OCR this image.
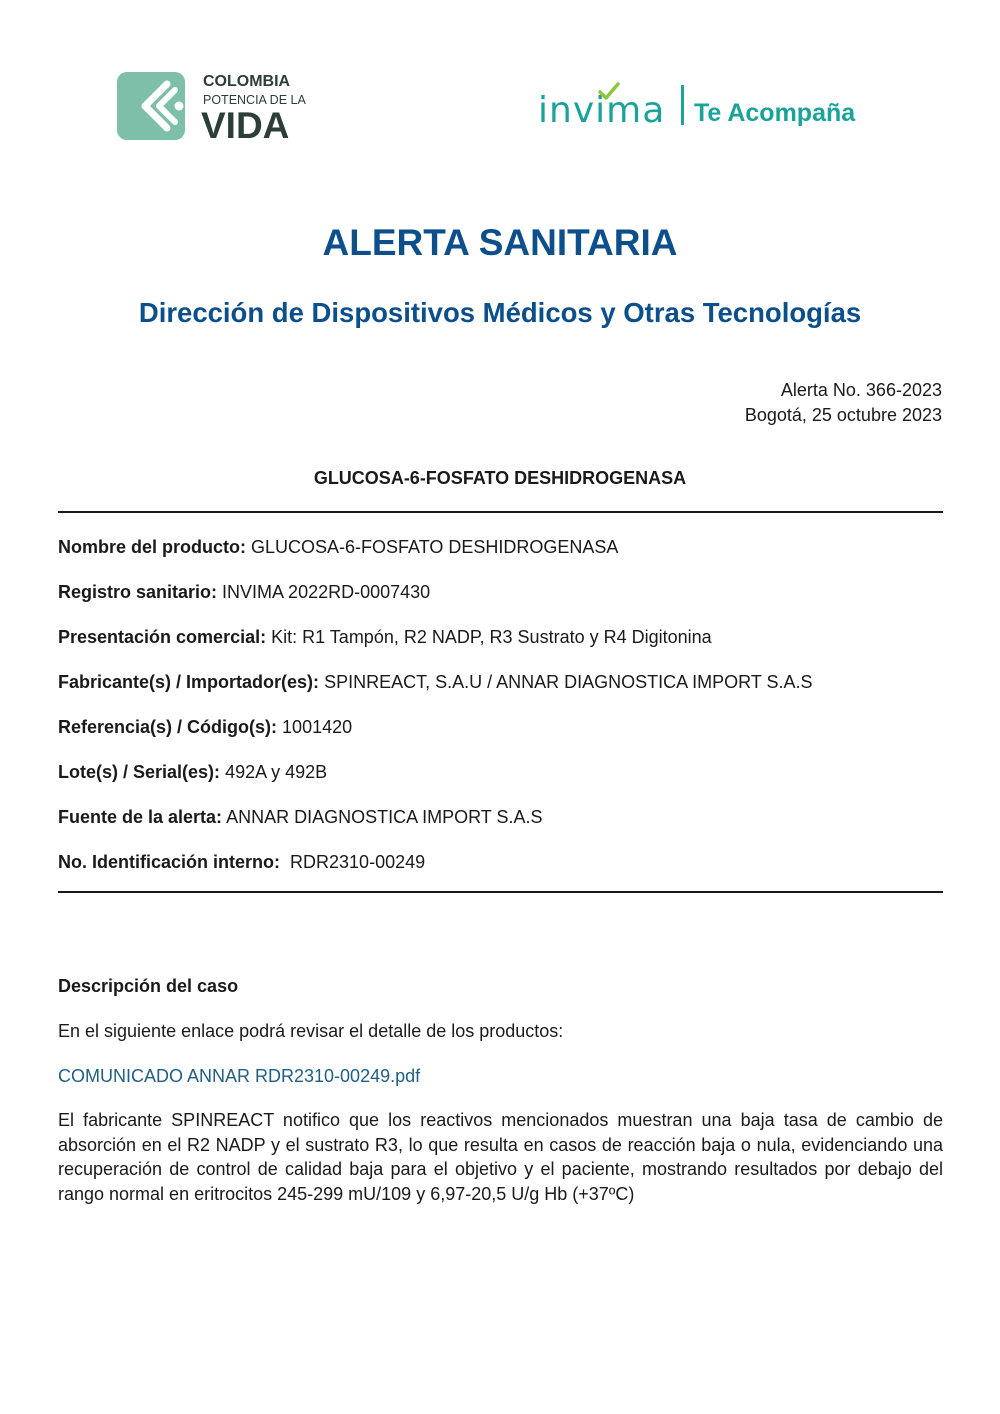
COLOMBIA
POTENCIA DE LA
VIDA	invima Te Acompaña
ALERTA SANITARIA
Dirección de Dispositivos Médicos y Otras Tecnologías
Alerta No. 366-2023
Bogotá, 25 octubre 2023
GLUCOSA-6-FOSFATO DESHIDROGENASA
Nombre del producto: GLUCOSA-6-FOSFATO DESHIDROGENASA
Registro sanitario: INVIMA 2022RD-0007430
Presentación comercial: Kit: R1 Tampón, R2 NADP, R3 Sustrato y R4 Digitonina
Fabricante(s) / Importador(es): SPINREACT, S.A.U / ANNAR DIAGNOSTICA IMPORT S.A.S
Referencia(s) / Código(s): 1001420
Lote(s) / Serial(es): 492A y 492B
Fuente de la alerta: ANNAR DIAGNOSTICA IMPORT S.A.S
No. Identificación interno: RDR2310-00249
Descripción del caso
En el siguiente enlace podrá revisar el detalle de los productos:
COMUNICADO ANNAR RDR2310-00249.pdf
El fabricante SPINREACT notifico que los reactivos mencionados muestran una baja tasa de cambio de absorción en el R2 NADP y el sustrato R3, lo que resulta en casos de reacción baja o nula, evidenciando una recuperación de control de calidad baja para el objetivo y el paciente, mostrando resultados por debajo del rango normal en eritrocitos 245-299 mU/109 y 6,97-20,5 U/g Hb (+37ºC)
